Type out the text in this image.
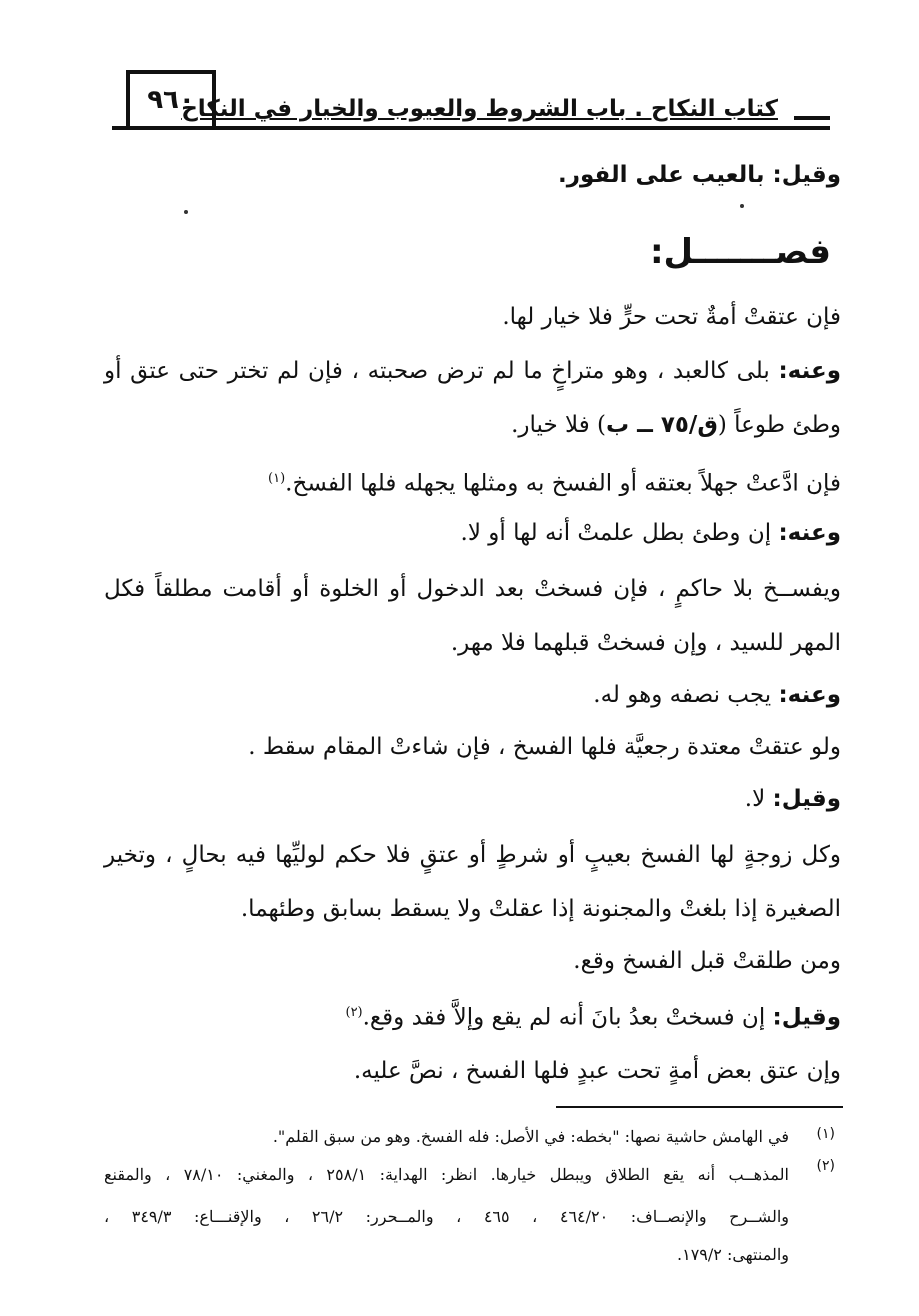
٩٦٠
كتاب النكاح . باب الشروط والعيوب والخيار في النكاح
وقيل: بالعيب على الفور.
فصـــــــل:
فإن عتقتْ أمةٌ تحت حرٍّ فلا خيار لها.
وعنه: بلى كالعبد ، وهو متراخٍ ما لم ترض صحبته ، فإن لم تختر حتى عتق أو
وطئ طوعاً (ق/٧٥ ــ ب) فلا خيار.
فإن ادَّعتْ جهلاً بعتقه أو الفسخ به ومثلها يجهله فلها الفسخ.$^{(١)}$
وعنه: إن وطئ بطل علمتْ أنه لها أو لا.
ويفســخ بلا حاكمٍ ، فإن فسختْ بعد الدخول أو الخلوة أو أقامت مطلقاً فكل
المهر للسيد ، وإن فسختْ قبلهما فلا مهر.
وعنه: يجب نصفه وهو له.
ولو عتقتْ معتدة رجعيَّة فلها الفسخ ، فإن شاءتْ المقام سقط .
وقيل: لا.
وكل زوجةٍ لها الفسخ بعيبٍ أو شرطٍ أو عتقٍ فلا حكم لوليِّها فيه بحالٍ ، وتخير
الصغيرة إذا بلغتْ والمجنونة إذا عقلتْ ولا يسقط بسابق وطئهما.
ومن طلقتْ قبل الفسخ وقع.
وقيل: إن فسختْ بعدُ بانَ أنه لم يقع وإلاَّ فقد وقع.$^{(٢)}$
وإن عتق بعض أمةٍ تحت عبدٍ فلها الفسخ ، نصَّ عليه.
(١)
في الهامش حاشية نصها: "بخطه: في الأصل: فله الفسخ. وهو من سبق القلم".
(٢)
المذهــب أنه يقع الطلاق ويبطل خيارها. انظر: الهداية: ٢٥٨/١ ، والمغني: ٧٨/١٠ ، والمقنع
والشــرح والإنصــاف: ٤٦٤/٢٠ ، ٤٦٥ ، والمــحرر: ٢٦/٢ ، والإقنـــاع: ٣٤٩/٣ ،
والمنتهى: ١٧٩/٢.
